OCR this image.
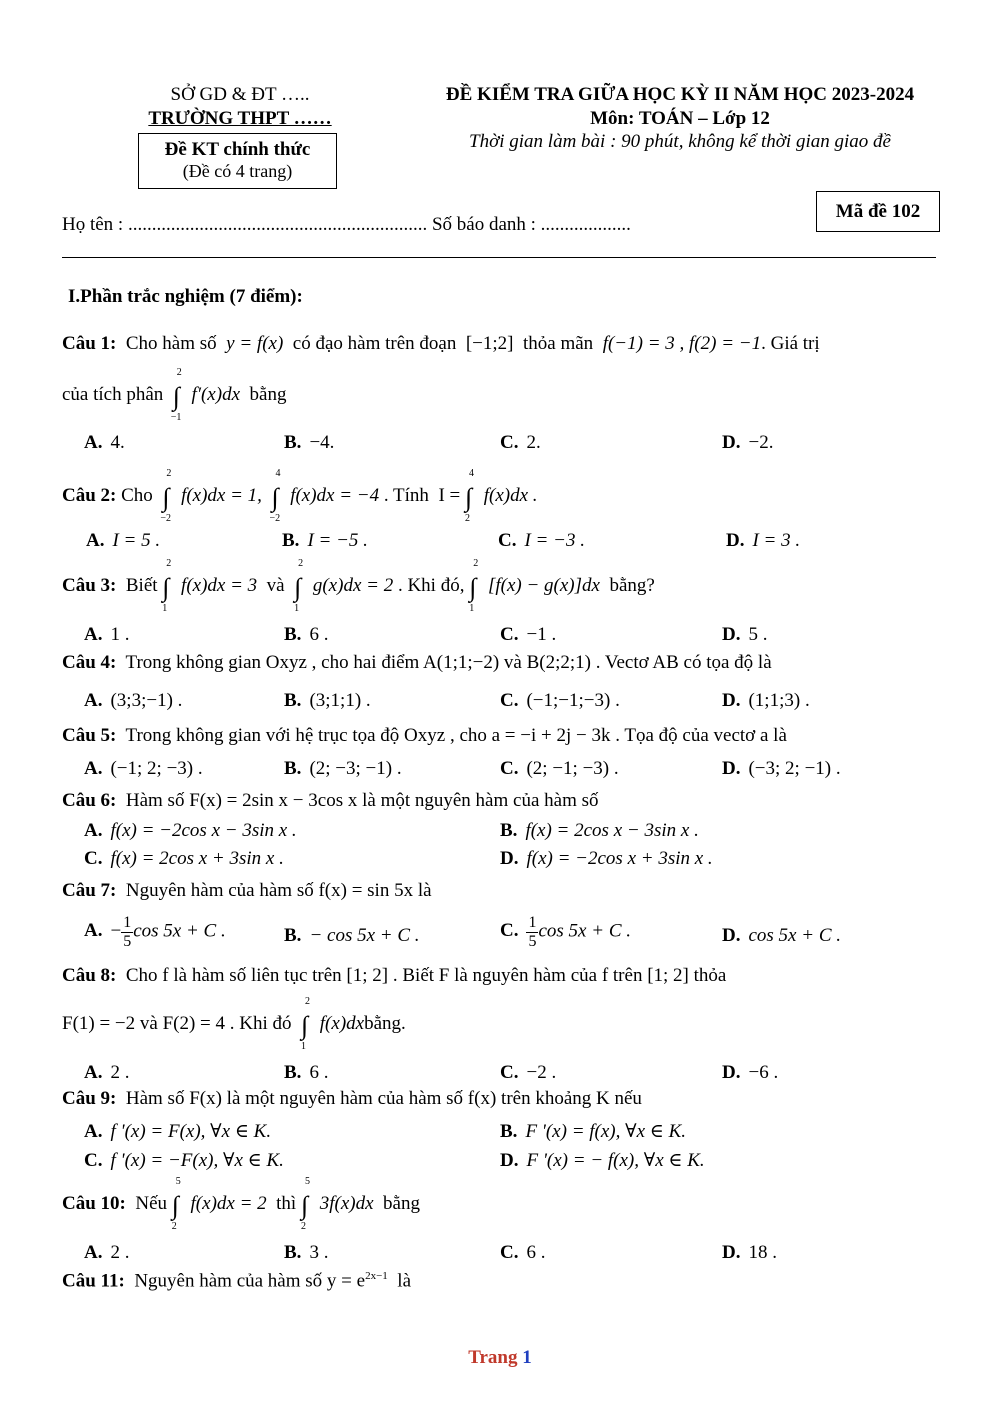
SỞ GD & ĐT …..
TRƯỜNG THPT ……
Đề KT chính thức
(Đề có 4 trang)
ĐỀ KIỂM TRA GIỮA HỌC KỲ II NĂM HỌC 2023-2024
Môn: TOÁN – Lớp 12
Thời gian làm bài : 90 phút, không kể thời gian giao đề
Mã đề 102
Họ tên : ............................................................... Số báo danh : ...................
I.Phần trắc nghiệm (7 điểm):
Câu 1: Cho hàm số y = f(x) có đạo hàm trên đoạn [−1;2] thỏa mãn f(−1) = 3 , f(2) = −1. Giá trị
của tích phân
2
∫
−1
f′(x)dx bằng
A. 4.	B. −4.	C. 2.	D. −2.
Câu 2: Cho
2
∫
−2
f(x)dx = 1,
4
∫
−2
f(x)dx = −4 . Tính I =
4
∫
2
f(x)dx .
A. I = 5 .	B. I = −5 .	C. I = −3 .	D. I = 3 .
Câu 3: Biết
2
∫
1
f(x)dx = 3 và
2
∫
1
g(x)dx = 2 . Khi đó,
2
∫
1
[f(x) − g(x)]dx bằng?
A. 1 .	B. 6 .	C. −1 .	D. 5 .
Câu 4: Trong không gian Oxyz , cho hai điểm A(1;1;−2) và B(2;2;1) . Vectơ AB có tọa độ là
A. (3;3;−1) .	B. (3;1;1) .	C. (−1;−1;−3) .	D. (1;1;3) .
Câu 5: Trong không gian với hệ trục tọa độ Oxyz , cho a = −i + 2j − 3k . Tọa độ của vectơ a là
A. (−1; 2; −3) .	B. (2; −3; −1) .	C. (2; −1; −3) .	D. (−3; 2; −1) .
Câu 6: Hàm số F(x) = 2sin x − 3cos x là một nguyên hàm của hàm số
A. f(x) = −2cos x − 3sin x .	B. f(x) = 2cos x − 3sin x .
C. f(x) = 2cos x + 3sin x .	D. f(x) = −2cos x + 3sin x .
Câu 7: Nguyên hàm của hàm số f(x) = sin 5x là
A. − $\frac{1}{5}$ cos 5x + C .	B. − cos 5x + C .	C. $\frac{1}{5}$ cos 5x + C .	D. cos 5x + C .
Câu 8: Cho f là hàm số liên tục trên [1; 2] . Biết F là nguyên hàm của f trên [1; 2] thỏa
F(1) = −2 và F(2) = 4 . Khi đó
2
∫
1
f(x)dxbằng.
A. 2 .	B. 6 .	C. −2 .	D. −6 .
Câu 9: Hàm số F(x) là một nguyên hàm của hàm số f(x) trên khoảng K nếu
A. f '(x) = F(x), ∀x ∈ K.	B. F '(x) = f(x), ∀x ∈ K.
C. f '(x) = −F(x), ∀x ∈ K.	D. F '(x) = − f(x), ∀x ∈ K.
Câu 10: Nếu
5
∫
2
f(x)dx = 2 thì
5
∫
2
3f(x)dx bằng
A. 2 .	B. 3 .	C. 6 .	D. 18 .
Câu 11: Nguyên hàm của hàm số $y = e^{2x-1}$ là
Trang 1
